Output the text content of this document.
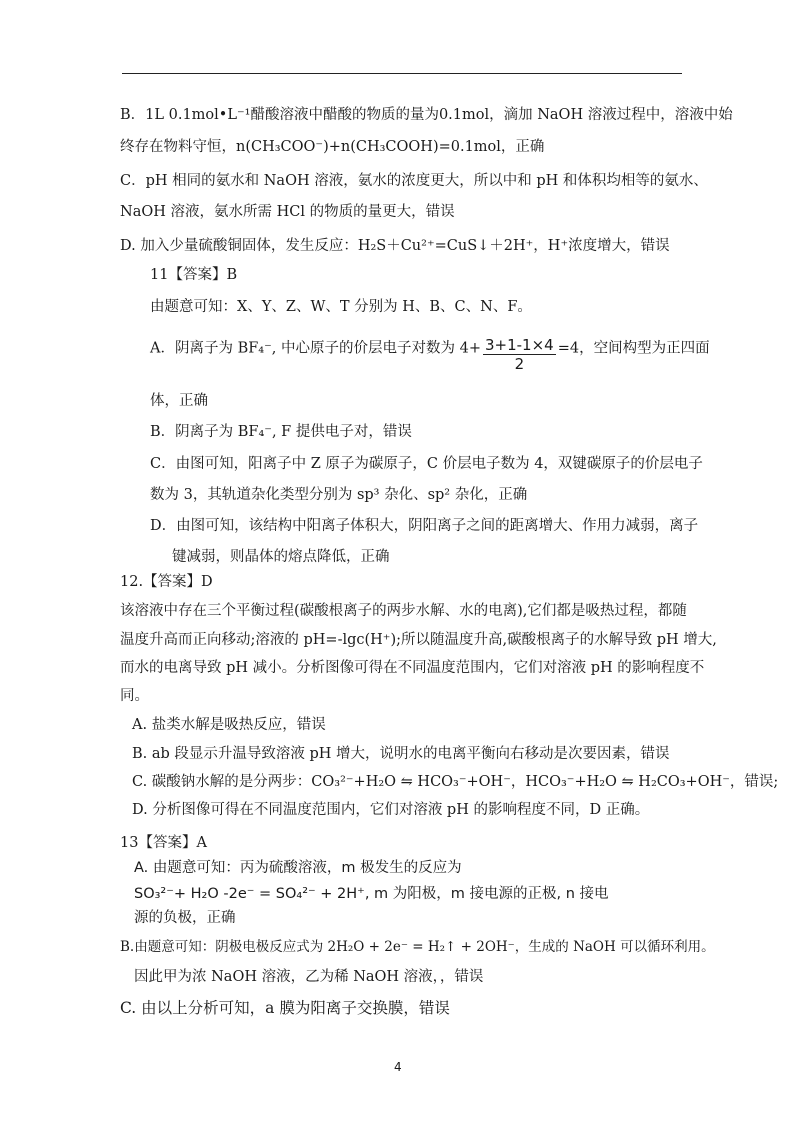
B．1L 0.1mol•L⁻¹醋酸溶液中醋酸的物质的量为0.1mol，滴加 NaOH 溶液过程中，溶液中始
终存在物料守恒，n(CH₃COO⁻)+n(CH₃COOH)=0.1mol，正确
C．pH 相同的氨水和 NaOH 溶液，氨水的浓度更大，所以中和 pH 和体积均相等的氨水、
NaOH 溶液，氨水所需 HCl 的物质的量更大，错误
D. 加入少量硫酸铜固体，发生反应：H₂S＋Cu²⁺=CuS↓＋2H⁺，H⁺浓度增大，错误
11【答案】B
由题意可知：X、Y、Z、W、T 分别为 H、B、C、N、F。
A．阴离子为 BF₄⁻, 中心原子的价层电子对数为 $4+ \frac{3+1-1\times 4}{2} =4$，空间构型为正四面
体，正确
B．阴离子为 BF₄⁻, F 提供电子对，错误
C．由图可知，阳离子中 Z 原子为碳原子，C 价层电子数为 4，双键碳原子的价层电子
数为 3，其轨道杂化类型分别为 sp³ 杂化、sp² 杂化，正确
D．由图可知，该结构中阳离子体积大，阴阳离子之间的距离增大、作用力减弱，离子
键减弱，则晶体的熔点降低，正确
12.【答案】D
该溶液中存在三个平衡过程(碳酸根离子的两步水解、水的电离),它们都是吸热过程，都随
温度升高而正向移动;溶液的 pH=-lgc(H⁺);所以随温度升高,碳酸根离子的水解导致 pH 增大,
而水的电离导致 pH 减小。分析图像可得在不同温度范围内，它们对溶液 pH 的影响程度不
同。
A. 盐类水解是吸热反应，错误
B. ab 段显示升温导致溶液 pH 增大，说明水的电离平衡向右移动是次要因素，错误
C. 碳酸钠水解的是分两步：CO₃²⁻+H₂O ⇋ HCO₃⁻+OH⁻，HCO₃⁻+H₂O ⇋ H₂CO₃+OH⁻，错误;
D. 分析图像可得在不同温度范围内，它们对溶液 pH 的影响程度不同，D 正确。
13【答案】A
A. 由题意可知：丙为硫酸溶液，m 极发生的反应为
SO₃²⁻+ H₂O -2e⁻ = SO₄²⁻ + 2H⁺, m 为阳极，m 接电源的正极, n 接电
源的负极，正确
B.由题意可知：阴极电极反应式为 2H₂O + 2e⁻ = H₂↑ + 2OH⁻，生成的 NaOH 可以循环利用。
因此甲为浓 NaOH 溶液，乙为稀 NaOH 溶液，，错误
C. 由以上分析可知，a 膜为阳离子交换膜，错误
4
